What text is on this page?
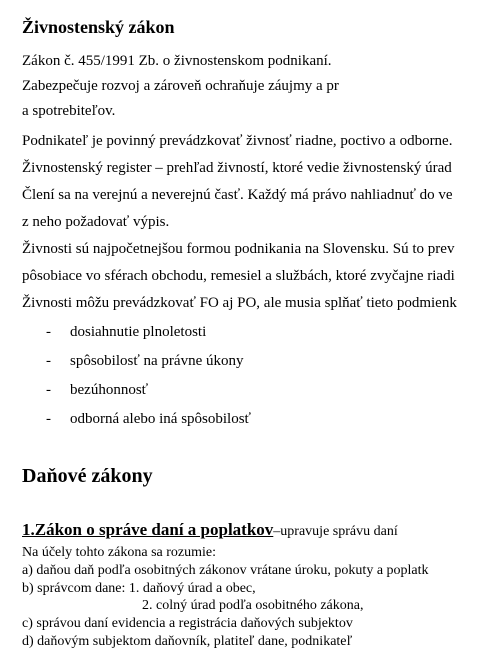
Živnostenský zákon
Zákon č. 455/1991 Zb. o živnostenskom podnikaní.
Zabezpečuje rozvoj a zároveň ochraňuje záujmy a pr
a spotrebiteľov.
Podnikateľ je povinný prevádzkovať živnosť riadne, poctivo a odborne.
Živnostenský register – prehľad živností, ktoré vedie živnostenský úrad
Člení sa na verejnú a neverejnú časť. Každý má právo nahliadnuť do ve
z neho požadovať výpis.
Živnosti sú najpočetnejšou formou podnikania na Slovensku. Sú to prev
pôsobiace vo sférach obchodu, remesiel a službách, ktoré zvyčajne riadi
Živnosti môžu prevádzkovať FO aj PO, ale musia splňať tieto podmienk
- dosiahnutie plnoletosti
- spôsobilosť na právne úkony
- bezúhonnosť
- odborná alebo iná spôsobilosť
Daňové zákony
1.Zákon o správe daní a poplatkov–upravuje správu daní
Na účely tohto zákona sa rozumie:
a) daňou daň podľa osobitných zákonov vrátane úroku, pokuty a poplatk
b) správcom dane: 1. daňový úrad a obec,
2. colný úrad podľa osobitného zákona,
c) správou daní evidencia a registrácia daňových subjektov
d) daňovým subjektom daňovník, platiteľ dane, podnikateľ
